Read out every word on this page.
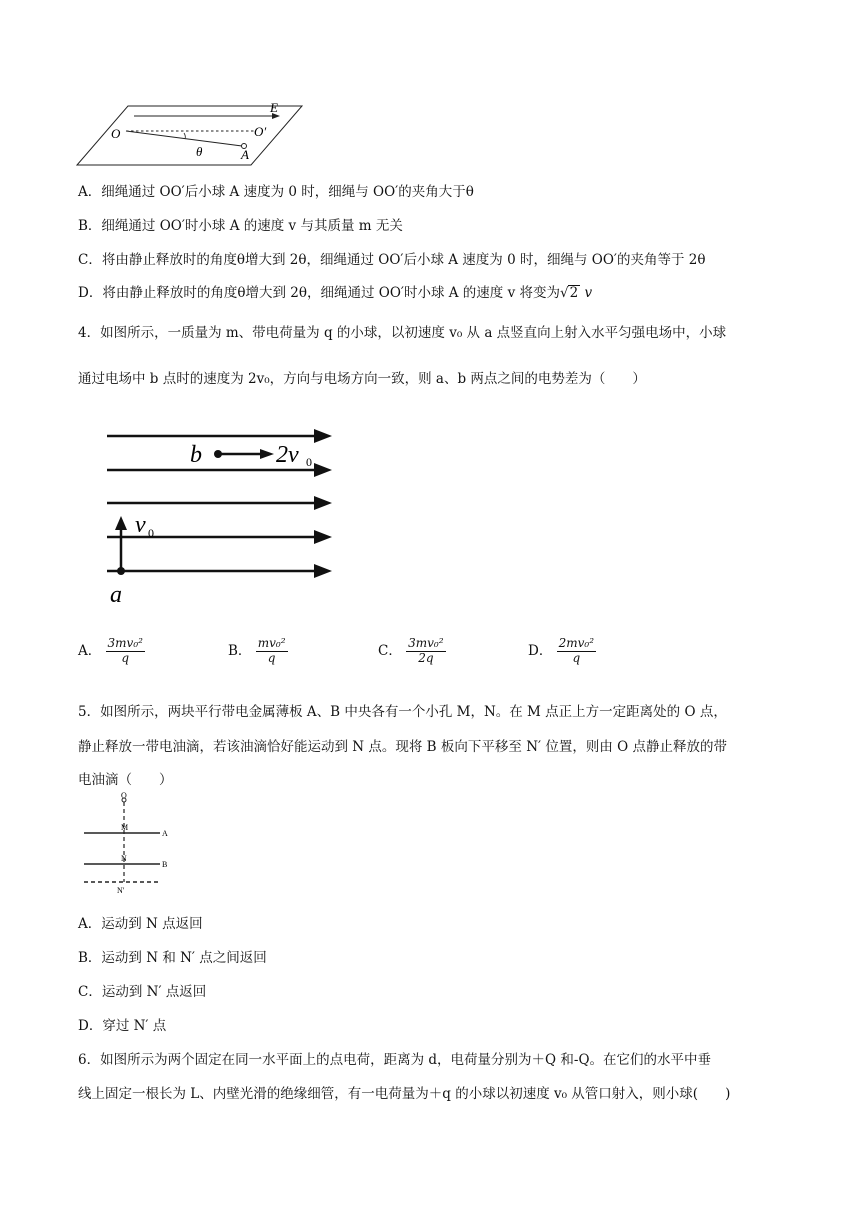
O	O′
E
θ	A
A．细绳通过 OO′后小球 A 速度为 0 时，细绳与 OO′的夹角大于θ
B．细绳通过 OO′时小球 A 的速度 v 与其质量 m 无关
C．将由静止释放时的角度θ增大到 2θ，细绳通过 OO′后小球 A 速度为 0 时，细绳与 OO′的夹角等于 2θ
D．将由静止释放时的角度θ增大到 2θ，细绳通过 OO′时小球 A 的速度 v 将变为√2 v
4．如图所示，一质量为 m、带电荷量为 q 的小球，以初速度 v₀ 从 a 点竖直向上射入水平匀强电场中，小球
通过电场中 b 点时的速度为 2v₀，方向与电场方向一致，则 a、b 两点之间的电势差为（　　）
b	2v 0
v 0
a
A． $\frac{\text{3mv₀²}}{q}$	B． $\frac{\text{mv₀²}}{q}$	C． $\frac{\text{3mv₀²}}{2q}$	D． $\frac{\text{2mv₀²}}{q}$
5．如图所示，两块平行带电金属薄板 A、B 中央各有一个小孔 M，N。在 M 点正上方一定距离处的 O 点，
静止释放一带电油滴，若该油滴恰好能运动到 N 点。现将 B 板向下平移至 N′ 位置，则由 O 点静止释放的带
电油滴（　　）
O
M
A
N
B
N′
A．运动到 N 点返回
B．运动到 N 和 N′ 点之间返回
C．运动到 N′ 点返回
D．穿过 N′ 点
6．如图所示为两个固定在同一水平面上的点电荷，距离为 d，电荷量分别为＋Q 和-Q。在它们的水平中垂
线上固定一根长为 L、内壁光滑的绝缘细管，有一电荷量为＋q 的小球以初速度 v₀ 从管口射入，则小球(　　)
